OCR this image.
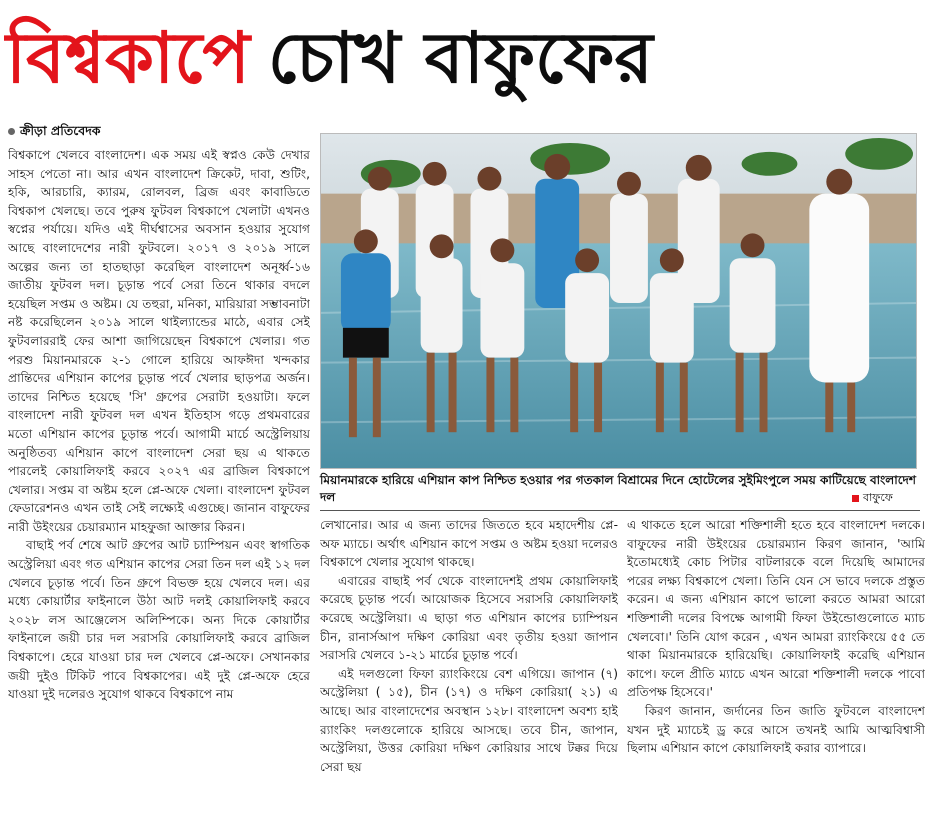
বিশ্বকাপে চোখ বাফুফের
ক্রীড়া প্রতিবেদক

বিশ্বকাপে খেলবে বাংলাদেশ। এক সময় এই স্বপ্নও কেউ দেখার সাহস পেতো না। আর এখন বাংলাদেশ ক্রিকেট, দাবা, শুটিং, হকি, আরচারি, ক্যারম, রোলবল, ব্রিজ এবং কাবাডিতে বিশ্বকাপ খেলছে। তবে পুরুষ ফুটবল বিশ্বকাপে খেলাটা এখনও স্বপ্নের পর্যায়ে। যদিও এই দীর্ঘশ্বাসের অবসান হওয়ার সুযোগ আছে বাংলাদেশের নারী ফুটবলে। ২০১৭ ও ২০১৯ সালে অল্পের জন্য তা হাতছাড়া করেছিল বাংলাদেশ অনূর্ধ্ব-১৬ জাতীয় ফুটবল দল। চূড়ান্ত পর্বে সেরা তিনে থাকার বদলে হয়েছিল সপ্তম ও অষ্টম। যে তহুরা, মনিকা, মারিয়ারা সম্ভাবনাটা নষ্ট করেছিলেন ২০১৯ সালে থাইল্যান্ডের মাঠে, এবার সেই ফুটবলাররাই ফের আশা জাগিয়েছেন বিশ্বকাপে খেলার। গত পরশু মিয়ানমারকে ২-১ গোলে হারিয়ে আফঈদা খন্দকার প্রান্তিদের এশিয়ান কাপের চূড়ান্ত পর্বে খেলার ছাড়পত্র অর্জন। তাদের নিশ্চিত হয়েছে 'সি' গ্রুপের সেরাটা হওয়াটা। ফলে বাংলাদেশ নারী ফুটবল দল এখন ইতিহাস গড়ে প্রথমবারের মতো এশিয়ান কাপের চূড়ান্ত পর্বে। আগামী মার্চে অস্ট্রেলিয়ায় অনুষ্ঠিতব্য এশিয়ান কাপে বাংলাদেশ সেরা ছয় এ থাকতে পারলেই কোয়ালিফাই করবে ২০২৭ এর ব্রাজিল বিশ্বকাপে খেলার। সপ্তম বা অষ্টম হলে প্লে-অফে খেলা। বাংলাদেশ ফুটবল ফেডারেশনও এখন তাই সেই লক্ষ্যেই এগুচ্ছে। জানান বাফুফের নারী উইংয়ের চেয়ারম্যান মাহফুজা আক্তার কিরন।

বাছাই পর্ব শেষে আট গ্রুপের আট চ্যাম্পিয়ন এবং স্বাগতিক অস্ট্রেলিয়া এবং গত এশিয়ান কাপের সেরা তিন দল এই ১২ দল খেলবে চূড়ান্ত পর্বে। তিন গ্রুপে বিভক্ত হয়ে খেলবে দল। এর মধ্যে কোয়ার্টার ফাইনালে উঠা আট দলই কোয়ালিফাই করবে ২০২৮ লস আঞ্জেলেস অলিম্পিকে। অন্য দিকে কোয়ার্টার ফাইনালে জয়ী চার দল সরাসরি কোয়ালিফাই করবে ব্রাজিল বিশ্বকাপে। হেরে যাওয়া চার দল খেলবে প্লে-অফে। সেখানকার জয়ী দুইও টিকিট পাবে বিশ্বকাপের। এই দুই প্লে-অফে হেরে যাওয়া দুই দলেরও সুযোগ থাকবে বিশ্বকাপে নাম

মিয়ানমারকে হারিয়ে এশিয়ান কাপ নিশ্চিত হওয়ার পর গতকাল বিশ্রামের দিনে হোটেলের সুইমিংপুলে সময় কাটিয়েছে বাংলাদেশ দল	বাফুফে

লেখানোর। আর এ জন্য তাদের জিততে হবে মহাদেশীয় প্লে-অফ ম্যাচে। অর্থাৎ এশিয়ান কাপে সপ্তম ও অষ্টম হওয়া দলেরও বিশ্বকাপে খেলার সুযোগ থাকছে।

এবারের বাছাই পর্ব থেকে বাংলাদেশই প্রথম কোয়ালিফাই করেছে চূড়ান্ত পর্বে। আয়োজক হিসেবে সরাসরি কোয়ালিফাই করেছে অস্ট্রেলিয়া। এ ছাড়া গত এশিয়ান কাপের চ্যাম্পিয়ন চীন, রানার্সআপ দক্ষিণ কোরিয়া এবং তৃতীয় হওয়া জাপান সরাসরি খেলবে ১-২১ মার্চের চূড়ান্ত পর্বে।

এই দলগুলো ফিফা র‍্যাংকিংয়ে বেশ এগিয়ে। জাপান (৭) অস্ট্রেলিয়া ( ১৫), চীন (১৭) ও দক্ষিণ কোরিয়া( ২১) এ আছে। আর বাংলাদেশের অবস্থান ১২৮। বাংলাদেশ অবশ্য হাই র‍্যাংকিং দলগুলোকে হারিয়ে আসছে। তবে চীন, জাপান, অস্ট্রেলিয়া, উত্তর কোরিয়া দক্ষিণ কোরিয়ার সাথে টক্কর দিয়ে সেরা ছয়

এ থাকতে হলে আরো শক্তিশালী হতে হবে বাংলাদেশ দলকে। বাফুফের নারী উইংয়ের চেয়ারম্যান কিরণ জানান, 'আমি ইতোমধ্যেই কোচ পিটার বাটলারকে বলে দিয়েছি আমাদের পরের লক্ষ্য বিশ্বকাপে খেলা। তিনি যেন সে ভাবে দলকে প্রস্তুত করেন। এ জন্য এশিয়ান কাপে ভালো করতে আমরা আরো শক্তিশালী দলের বিপক্ষে আগামী ফিফা উইন্ডোগুলোতে ম্যাচ খেলবো।' তিনি যোগ করেন , এখন আমরা র‍্যাংকিংয়ে ৫৫ তে থাকা মিয়ানমারকে হারিয়েছি। কোয়ালিফাই করেছি এশিয়ান কাপে। ফলে প্রীতি ম্যাচে এখন আরো শক্তিশালী দলকে পাবো প্রতিপক্ষ হিসেবে।'

কিরণ জানান, জর্দানের তিন জাতি ফুটবলে বাংলাদেশ যখন দুই ম্যাচেই ড্র করে আসে তখনই আমি আত্মবিশ্বাসী ছিলাম এশিয়ান কাপে কোয়ালিফাই করার ব্যাপারে।
